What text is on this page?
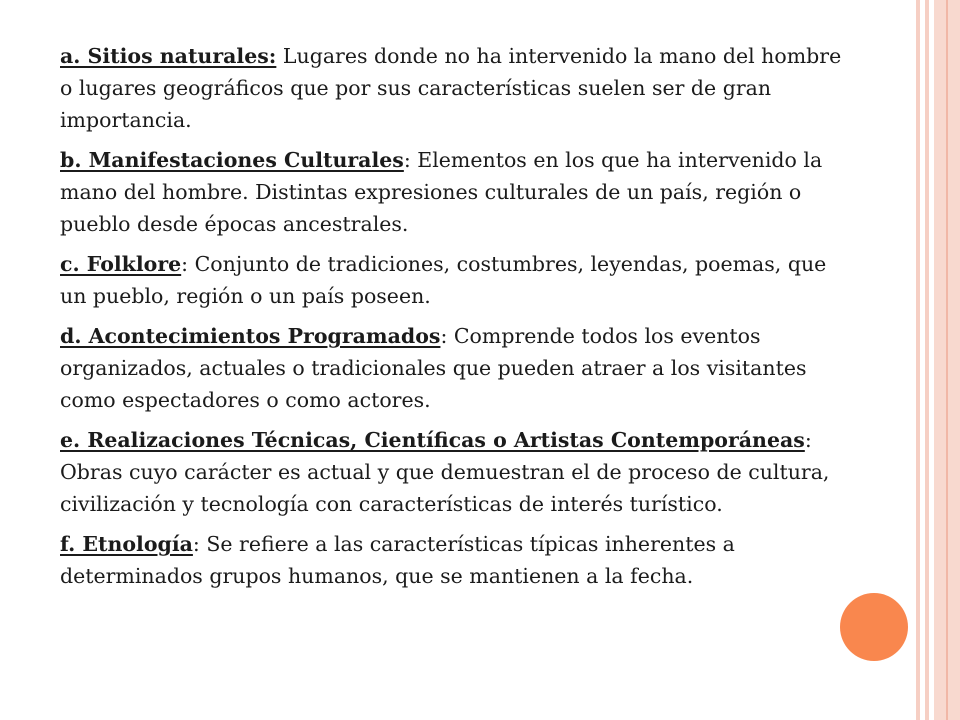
a. Sitios naturales: Lugares donde no ha intervenido la mano del hombre o lugares geográficos que por sus características suelen ser de gran importancia.

b. Manifestaciones Culturales: Elementos en los que ha intervenido la mano del hombre. Distintas expresiones culturales de un país, región o pueblo desde épocas ancestrales.

c. Folklore: Conjunto de tradiciones, costumbres, leyendas, poemas, que un pueblo, región o un país poseen.

d. Acontecimientos Programados: Comprende todos los eventos organizados, actuales o tradicionales que pueden atraer a los visitantes como espectadores o como actores.

e. Realizaciones Técnicas, Científicas o Artistas Contemporáneas: Obras cuyo carácter es actual y que demuestran el de proceso de cultura, civilización y tecnología con características de interés turístico.

f. Etnología: Se refiere a las características típicas inherentes a determinados grupos humanos, que se mantienen a la fecha.
